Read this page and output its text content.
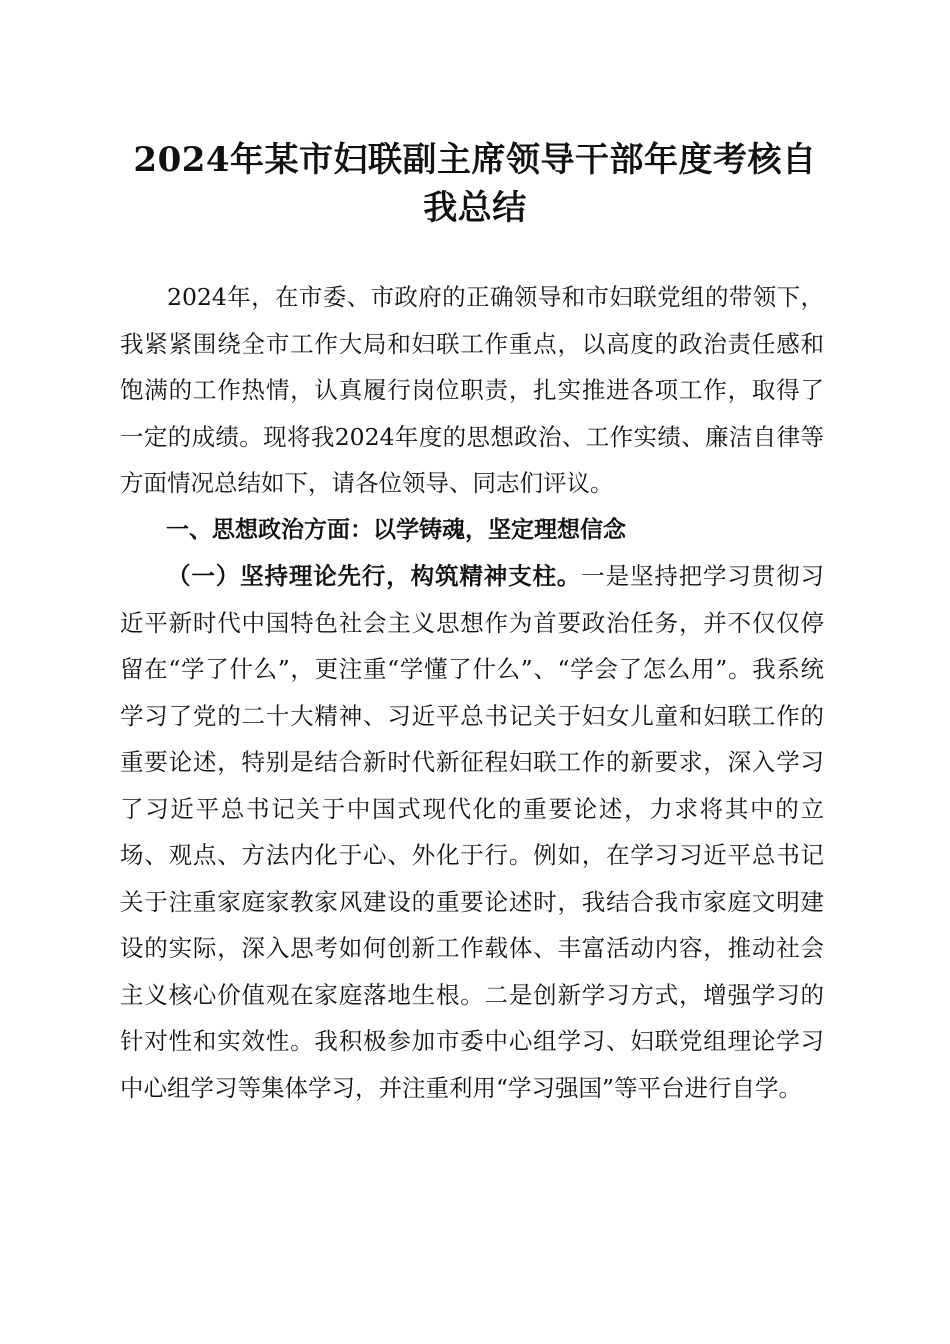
2024年某市妇联副主席领导干部年度考核自我总结

2024年，在市委、市政府的正确领导和市妇联党组的带领下，我紧紧围绕全市工作大局和妇联工作重点，以高度的政治责任感和饱满的工作热情，认真履行岗位职责，扎实推进各项工作，取得了一定的成绩。现将我2024年度的思想政治、工作实绩、廉洁自律等方面情况总结如下，请各位领导、同志们评议。

一、思想政治方面：以学铸魂，坚定理想信念

（一）坚持理论先行，构筑精神支柱。一是坚持把学习贯彻习近平新时代中国特色社会主义思想作为首要政治任务，并不仅仅停留在“学了什么”，更注重“学懂了什么”、“学会了怎么用”。我系统学习了党的二十大精神、习近平总书记关于妇女儿童和妇联工作的重要论述，特别是结合新时代新征程妇联工作的新要求，深入学习了习近平总书记关于中国式现代化的重要论述，力求将其中的立场、观点、方法内化于心、外化于行。例如，在学习习近平总书记关于注重家庭家教家风建设的重要论述时，我结合我市家庭文明建设的实际，深入思考如何创新工作载体、丰富活动内容，推动社会主义核心价值观在家庭落地生根。二是创新学习方式，增强学习的针对性和实效性。我积极参加市委中心组学习、妇联党组理论学习中心组学习等集体学习，并注重利用“学习强国”等平台进行自学。
